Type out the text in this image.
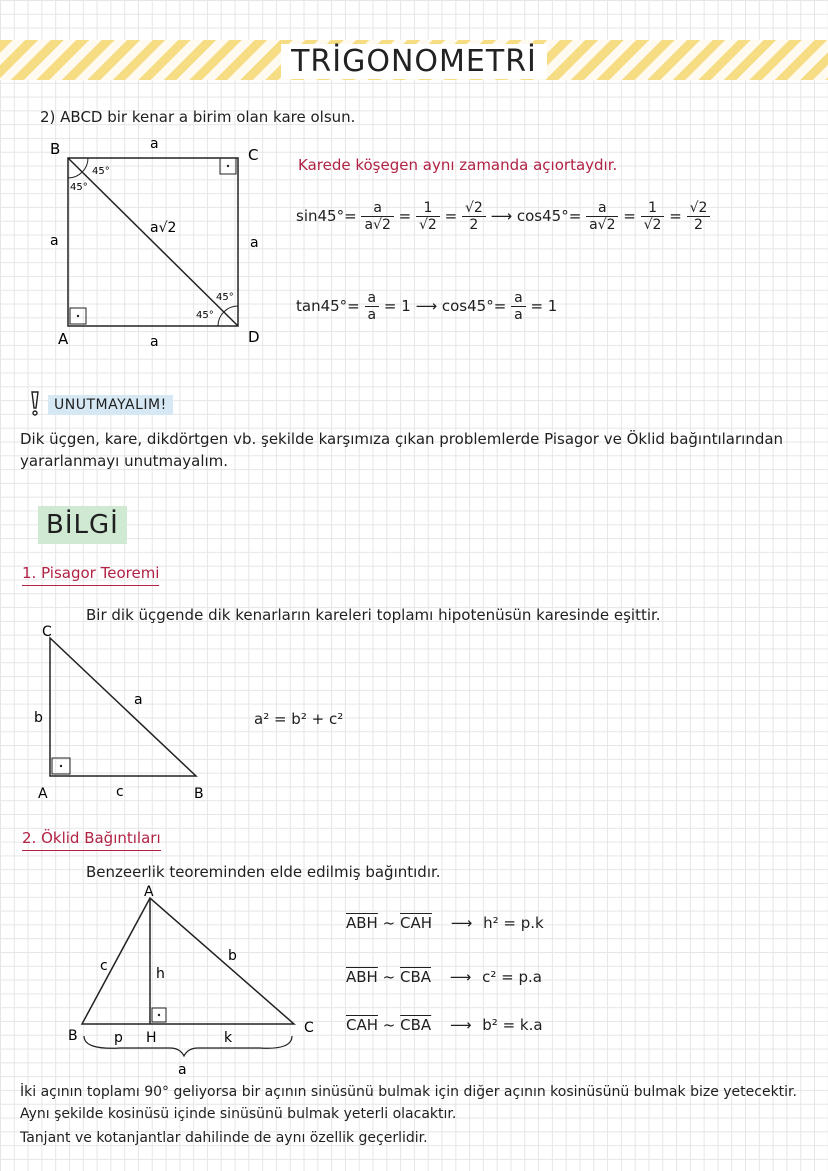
TRİGONOMETRİ
2) ABCD bir kenar a birim olan kare olsun.
B	C
A	D
a
a	a
a
a√2
45°
45°
45°
45°
Karede köşegen aynı zamanda açıortaydır.
$\sin 45^\circ= \frac{a}{a√2} = \frac{1}{√2} = \frac{√2}{2}$ ⟶ $\cos 45^\circ= \frac{a}{a√2} = \frac{1}{√2} = \frac{√2}{2}$
$\tan 45^\circ= \frac{a}{a} = 1$ ⟶ $\cos 45^\circ= \frac{a}{a} = 1$
UNUTMAYALIM!
Dik üçgen, kare, dikdörtgen vb. şekilde karşımıza çıkan problemlerde Pisagor ve Öklid bağıntılarından
yararlanmayı unutmayalım.
BİLGİ
1. Pisagor Teoremi
Bir dik üçgende dik kenarların kareleri toplamı hipotenüsün karesinde eşittir.
C
A	B
a
b
c
a² = b² + c²
2. Öklid Bağıntıları
Benzeerlik teoreminden elde edilmiş bağıntıdır.
A
B	C
H
h
b
c
p	k
a
$\overline{ABH}$ ~ $\overline{CAH}$ ⟶ h² = p.k
$\overline{ABH}$ ~ $\overline{CBA}$ ⟶ c² = p.a
$\overline{CAH}$ ~ $\overline{CBA}$ ⟶ b² = k.a
İki açının toplamı 90° geliyorsa bir açının sinüsünü bulmak için diğer açının kosinüsünü bulmak bize yetecektir.
Aynı şekilde kosinüsü içinde sinüsünü bulmak yeterli olacaktır.
Tanjant ve kotanjantlar dahilinde de aynı özellik geçerlidir.
